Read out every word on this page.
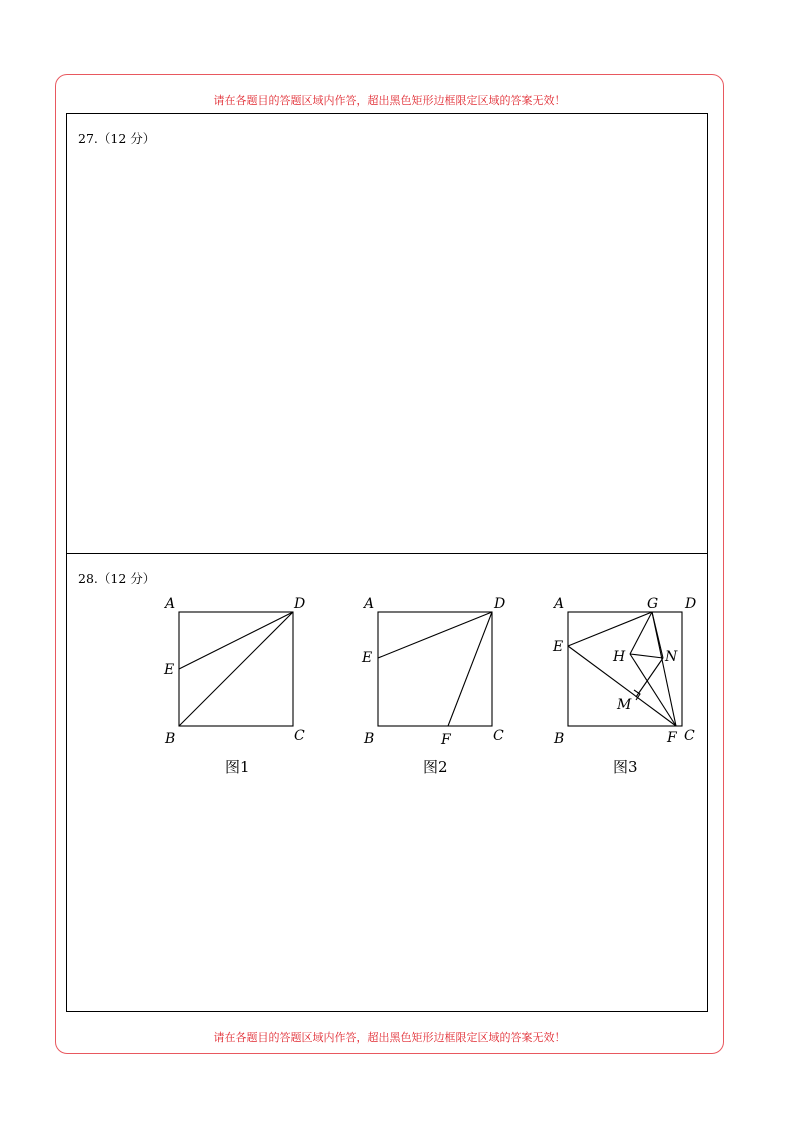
请在各题目的答题区域内作答，超出黑色矩形边框限定区域的答案无效！
27.（12 分）
28.（12 分）
A	D
E
B	C
图1
A	D
E
B	F	C
图2
A	G D
E
H	N
M
B	F C
图3
请在各题目的答题区域内作答，超出黑色矩形边框限定区域的答案无效！
